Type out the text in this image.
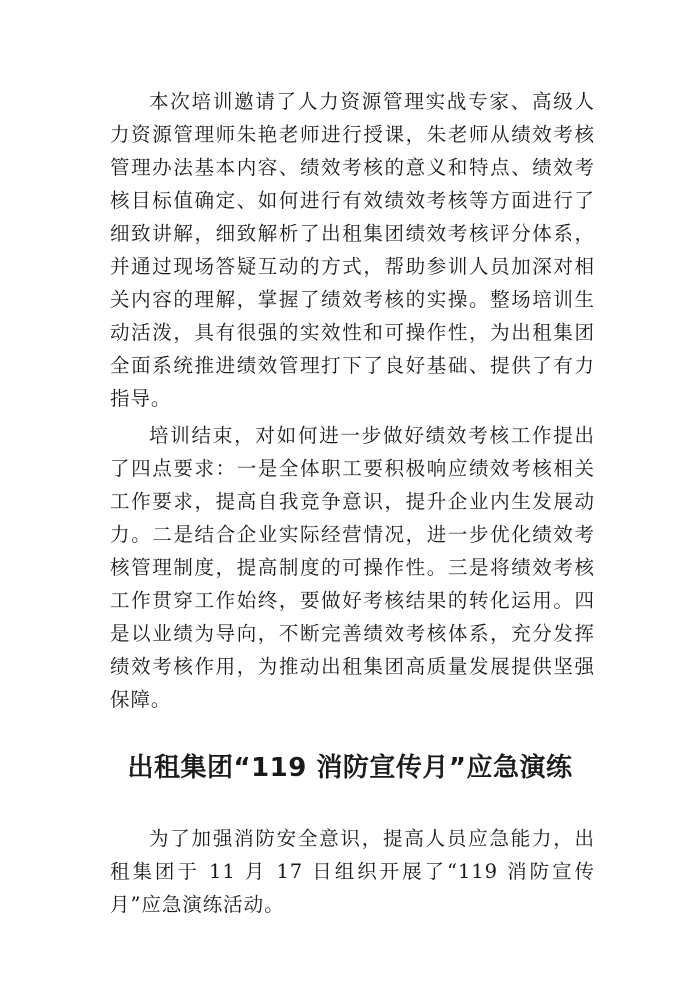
本次培训邀请了人力资源管理实战专家、高级人力资源管理师朱艳老师进行授课，朱老师从绩效考核管理办法基本内容、绩效考核的意义和特点、绩效考核目标值确定、如何进行有效绩效考核等方面进行了细致讲解，细致解析了出租集团绩效考核评分体系，并通过现场答疑互动的方式，帮助参训人员加深对相关内容的理解，掌握了绩效考核的实操。整场培训生动活泼，具有很强的实效性和可操作性，为出租集团全面系统推进绩效管理打下了良好基础、提供了有力指导。

培训结束，对如何进一步做好绩效考核工作提出了四点要求：一是全体职工要积极响应绩效考核相关工作要求，提高自我竞争意识，提升企业内生发展动力。二是结合企业实际经营情况，进一步优化绩效考核管理制度，提高制度的可操作性。三是将绩效考核工作贯穿工作始终，要做好考核结果的转化运用。四是以业绩为导向，不断完善绩效考核体系，充分发挥绩效考核作用，为推动出租集团高质量发展提供坚强保障。

出租集团“119 消防宣传月”应急演练

为了加强消防安全意识，提高人员应急能力，出租集团于 11 月 17 日组织开展了“119 消防宣传月”应急演练活动。
